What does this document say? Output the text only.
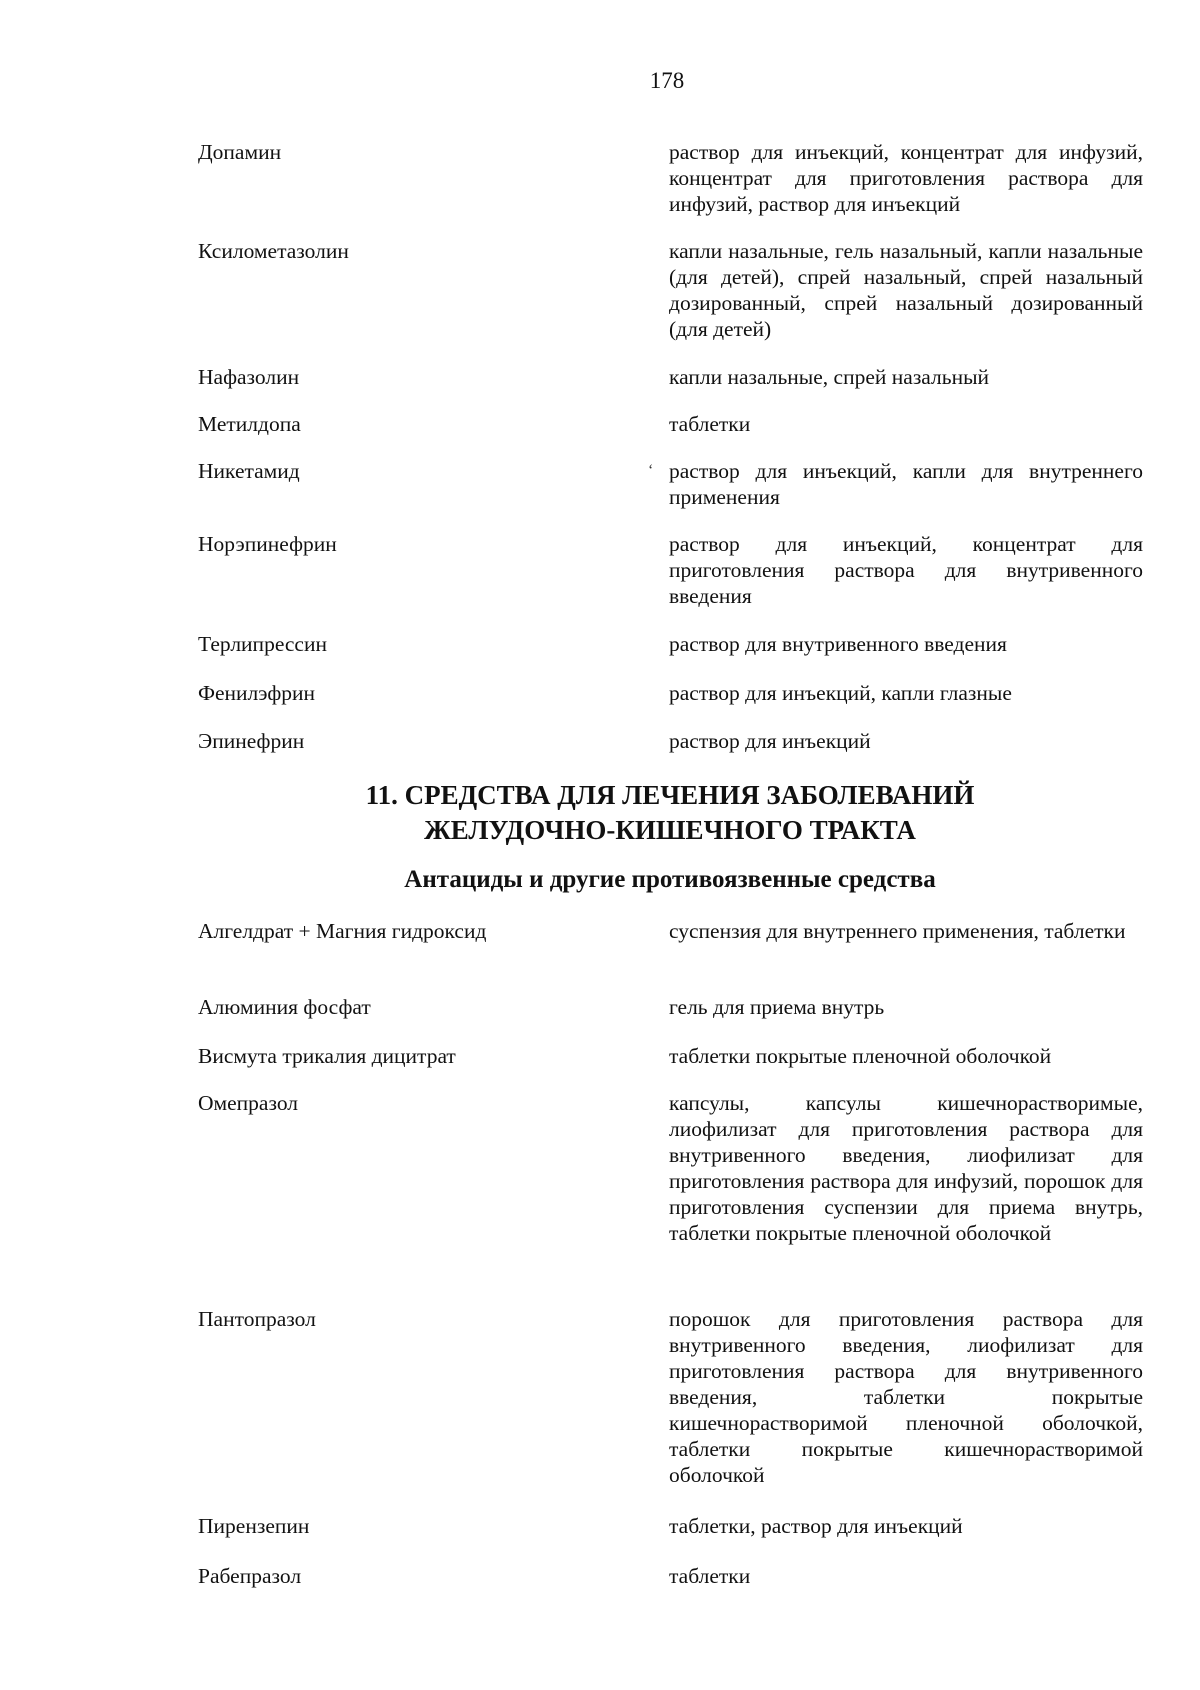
178
Допамин	раствор для инъекций, концентрат для инфузий, концентрат для приготовления раствора для инфузий, раствор для инъекций
Ксилометазолин	капли назальные, гель назальный, капли назальные (для детей), спрей назальный, спрей назальный дозированный, спрей назальный дозированный (для детей)
Нафазолин	капли назальные, спрей назальный
Метилдопа	таблетки
Никетамид	раствор для инъекций, капли для внутреннего применения
‘
Норэпинефрин	раствор для инъекций, концентрат для приготовления раствора для внутривенного введения
Терлипрессин	раствор для внутривенного введения
Фенилэфрин	раствор для инъекций, капли глазные
Эпинефрин	раствор для инъекций
11. СРЕДСТВА ДЛЯ ЛЕЧЕНИЯ ЗАБОЛЕВАНИЙ
ЖЕЛУДОЧНО-КИШЕЧНОГО ТРАКТА
Антациды и другие противоязвенные средства
Алгелдрат + Магния гидроксид	суспензия для внутреннего применения, таблетки
Алюминия фосфат	гель для приема внутрь
Висмута трикалия дицитрат	таблетки покрытые пленочной оболочкой
Омепразол	капсулы, капсулы кишечнорастворимые, лиофилизат для приготовления раствора для внутривенного введения, лиофилизат для приготовления раствора для инфузий, порошок для приготовления суспензии для приема внутрь, таблетки покрытые пленочной оболочкой
Пантопразол	порошок для приготовления раствора для внутривенного введения, лиофилизат для приготовления раствора для внутривенного введения, таблетки покрытые кишечнорастворимой пленочной оболочкой, таблетки покрытые кишечнорастворимой оболочкой
Пирензепин	таблетки, раствор для инъекций
Рабепразол	таблетки
